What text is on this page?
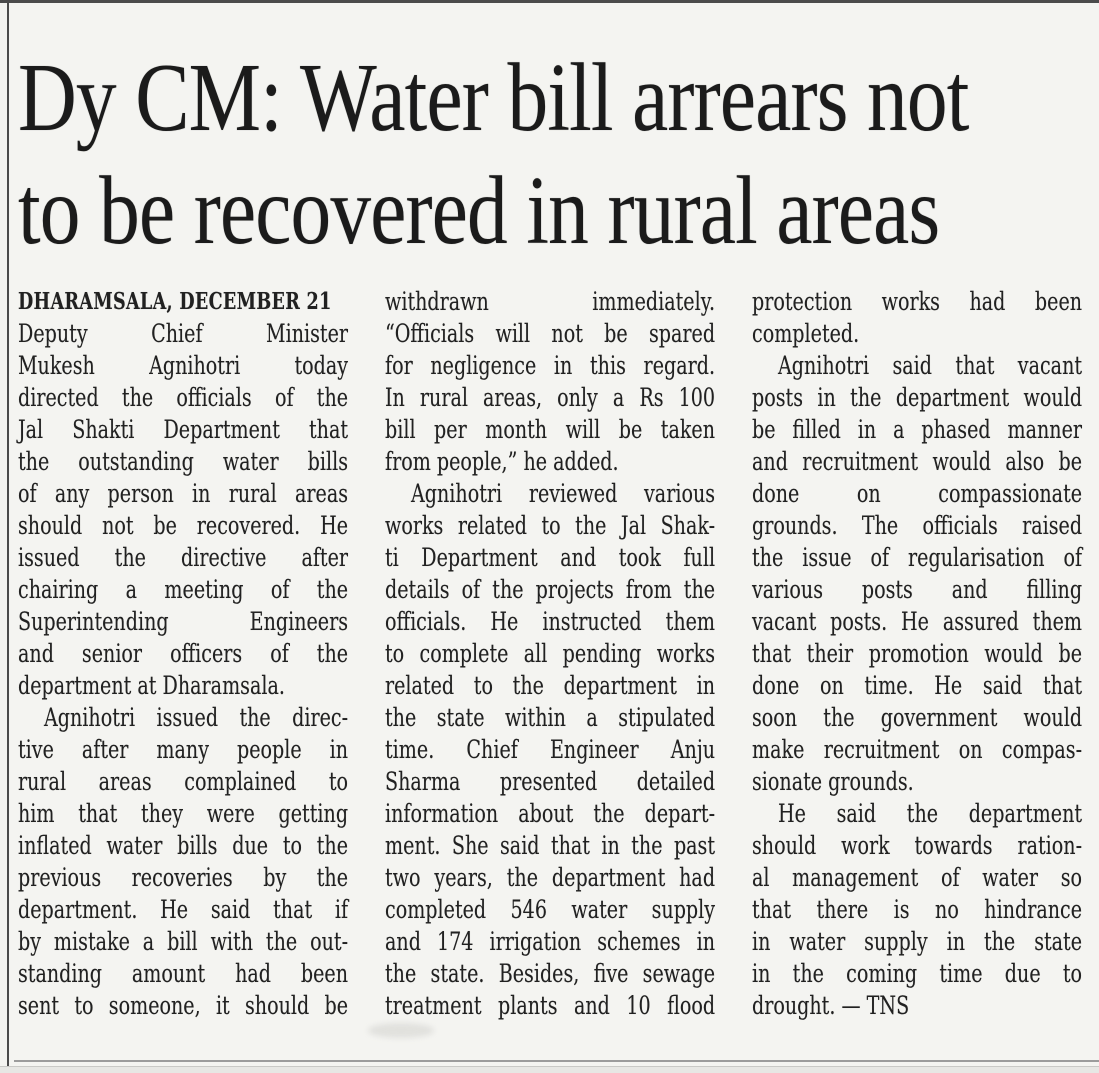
Dy CM: Water bill arrears not
to be recovered in rural areas
DHARAMSALA, DECEMBER 21
Deputy Chief Minister
Mukesh Agnihotri today
directed the officials of the
Jal Shakti Department that
the outstanding water bills
of any person in rural areas
should not be recovered. He
issued the directive after
chairing a meeting of the
Superintending Engineers
and senior officers of the
department at Dharamsala.
Agnihotri issued the direc-
tive after many people in
rural areas complained to
him that they were getting
inflated water bills due to the
previous recoveries by the
department. He said that if
by mistake a bill with the out-
standing amount had been
sent to someone, it should be
withdrawn immediately.
“Officials will not be spared
for negligence in this regard.
In rural areas, only a Rs 100
bill per month will be taken
from people,” he added.
Agnihotri reviewed various
works related to the Jal Shak-
ti Department and took full
details of the projects from the
officials. He instructed them
to complete all pending works
related to the department in
the state within a stipulated
time. Chief Engineer Anju
Sharma presented detailed
information about the depart-
ment. She said that in the past
two years, the department had
completed 546 water supply
and 174 irrigation schemes in
the state. Besides, five sewage
treatment plants and 10 flood
protection works had been
completed.
Agnihotri said that vacant
posts in the department would
be filled in a phased manner
and recruitment would also be
done on compassionate
grounds. The officials raised
the issue of regularisation of
various posts and filling
vacant posts. He assured them
that their promotion would be
done on time. He said that
soon the government would
make recruitment on compas-
sionate grounds.
He said the department
should work towards ration-
al management of water so
that there is no hindrance
in water supply in the state
in the coming time due to
drought. — TNS
